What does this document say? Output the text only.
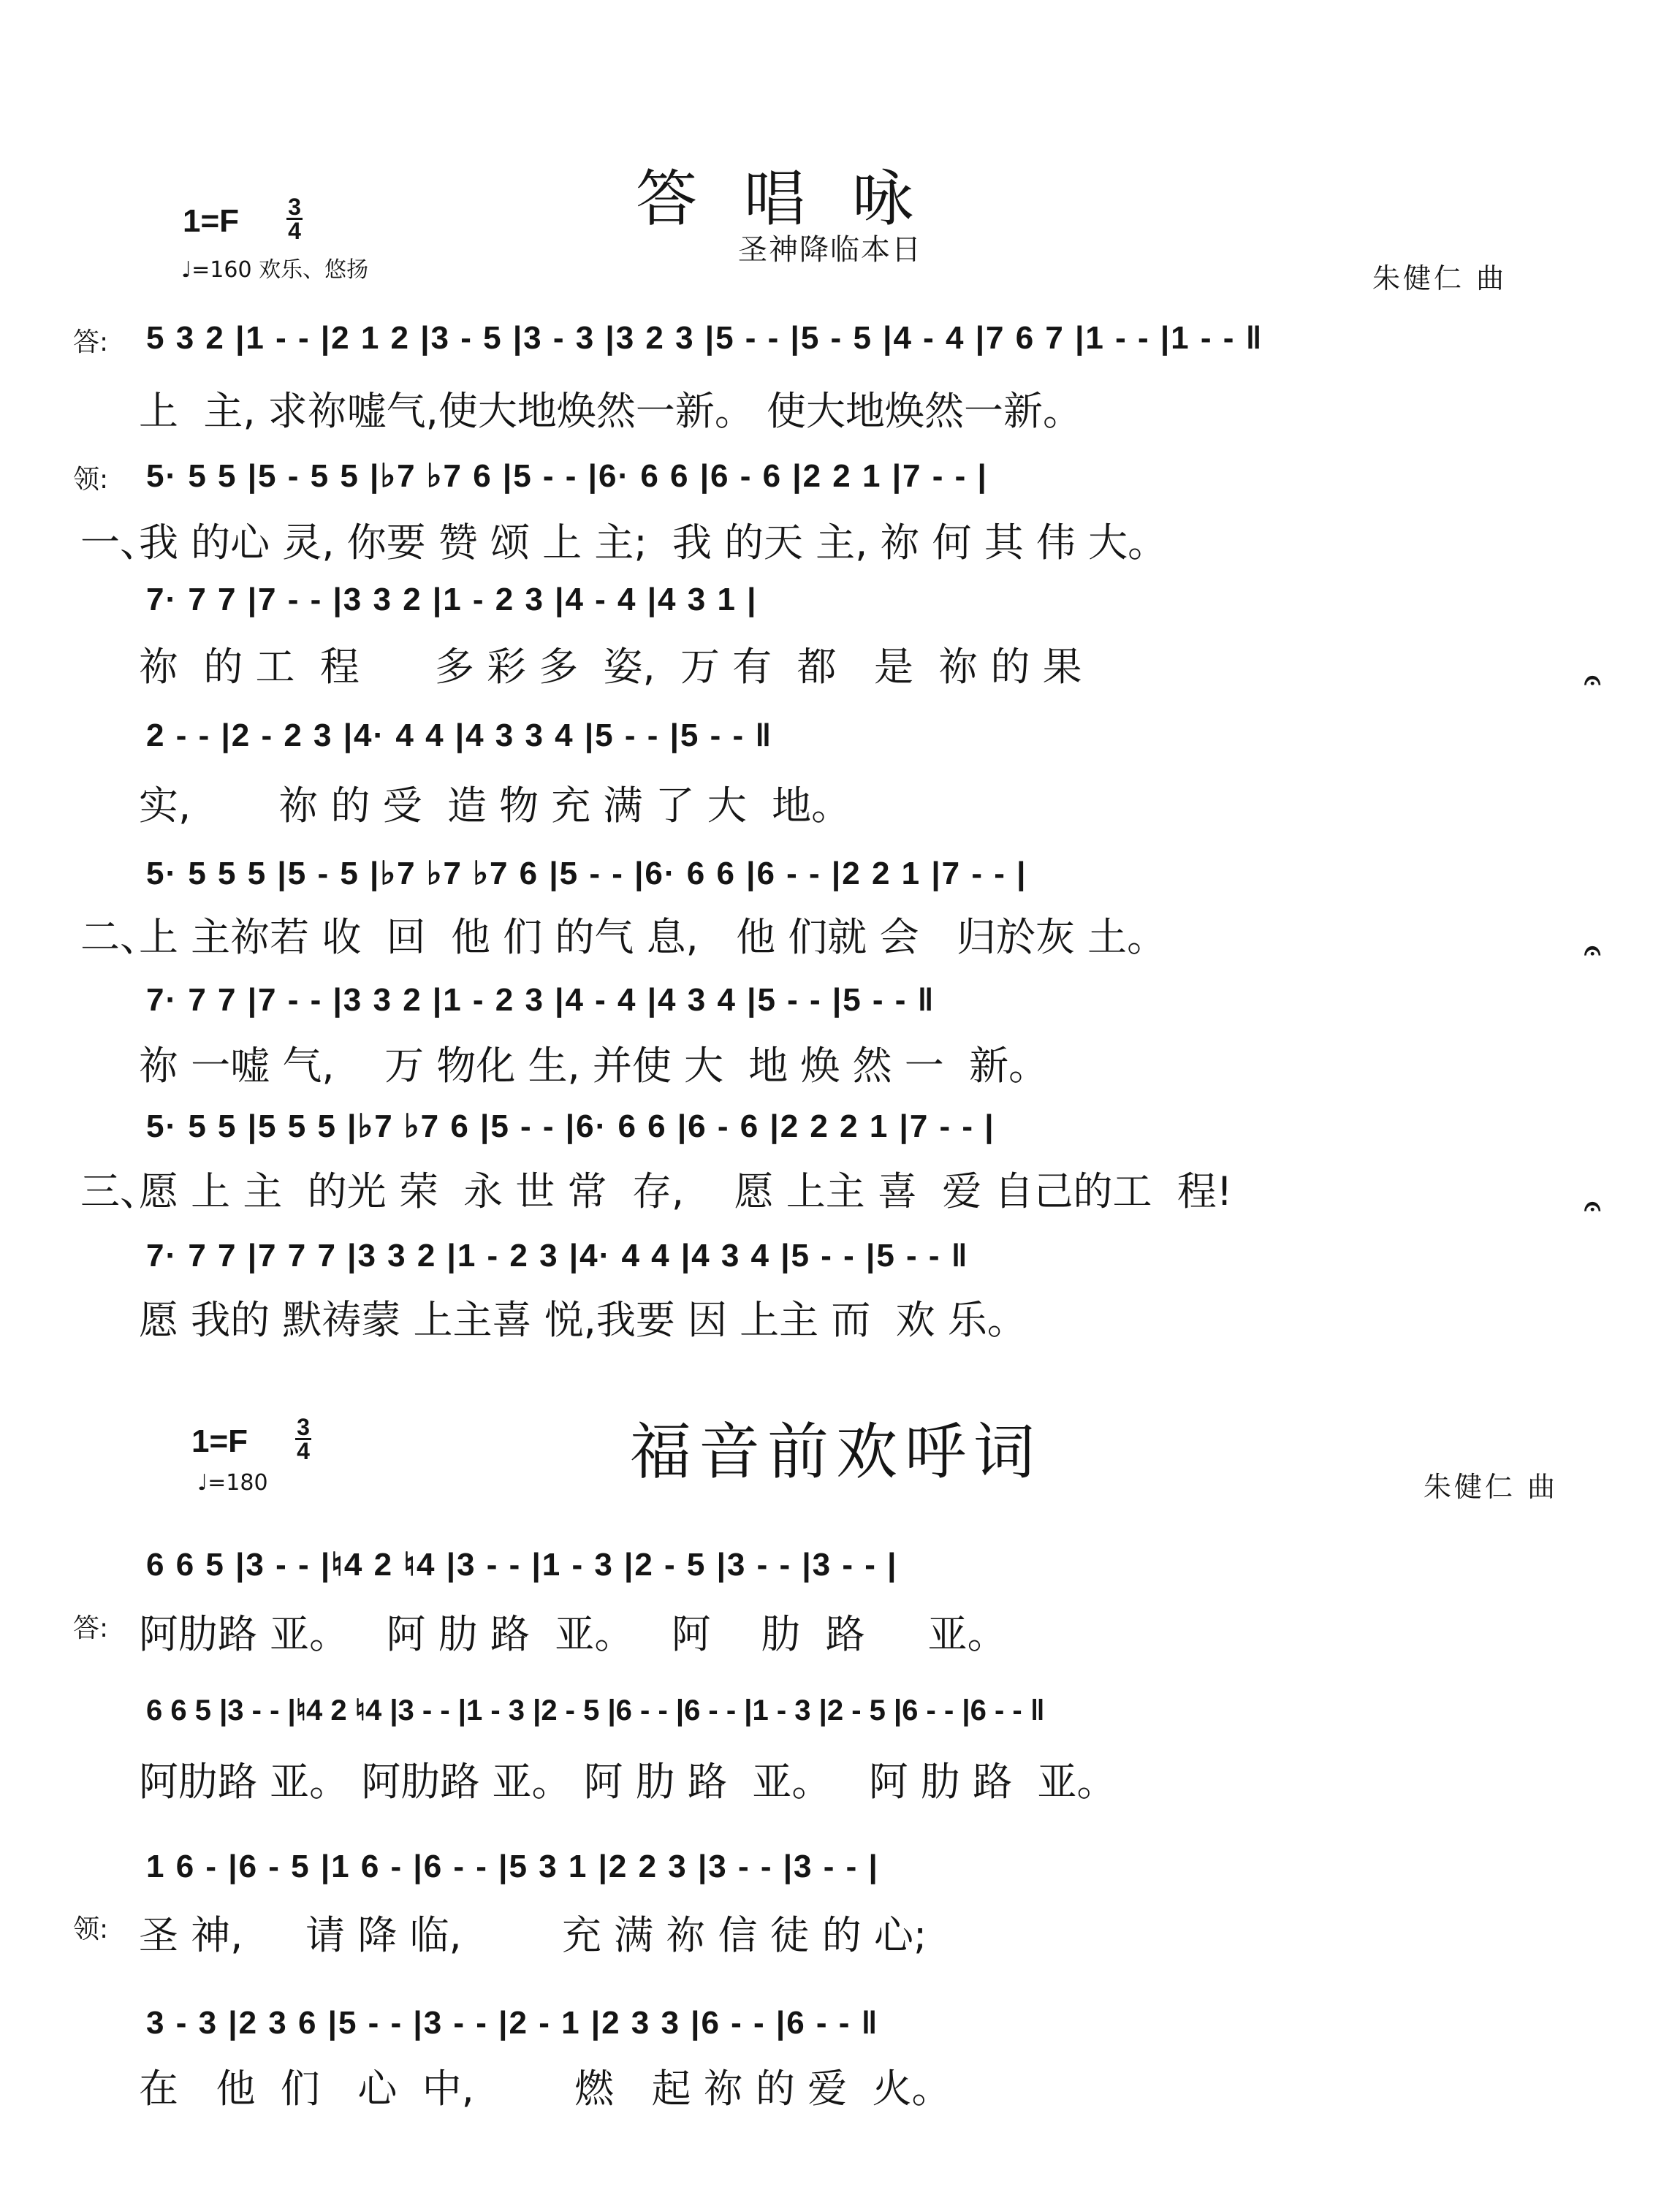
答唱咏
圣神降临本日
1=F 3
4
♩=160 欢乐、悠扬	朱健仁 曲
答: 5 3 2 |1 - - |2 1 2 |3 - 5 |3 - 3 |3 2 3 |5 - - |5 - 5 |4 - 4 |7 6 7 |1 - - |1 - - ‖
上  主, 求祢嘘气,使大地焕然一新。 使大地焕然一新。
领: 5· 5 5 |5 - 5 5 |♭7 ♭7 6 |5 - - |6· 6 6 |6 - 6 |2 2 1 |7 - - |
一、
我 的心 灵, 你要 赞 颂 上 主;  我 的天 主, 祢 何 其 伟 大。
7· 7 7 |7 - - |3 3 2 |1 - 2 3 |4 - 4 |4 3 1 |
祢  的 工  程      多 彩 多  姿,  万 有  都   是  祢 的 果	𝄐
2 - - |2 - 2 3 |4· 4 4 |4 3 3 4 |5 - - |5 - - ‖
实,       祢 的 受  造 物 充 满 了 大  地。
5· 5 5 5 |5 - 5 |♭7 ♭7 ♭7 6 |5 - - |6· 6 6 |6 - - |2 2 1 |7 - - |
二、
上 主祢若 收  回  他 们 的气 息,   他 们就 会   归於灰 土。	𝄐
7· 7 7 |7 - - |3 3 2 |1 - 2 3 |4 - 4 |4 3 4 |5 - - |5 - - ‖
祢 一嘘 气,    万 物化 生, 并使 大  地 焕 然 一  新。
5· 5 5 |5 5 5 |♭7 ♭7 6 |5 - - |6· 6 6 |6 - 6 |2 2 2 1 |7 - - |
三、
愿 上 主  的光 荣  永 世 常  存,    愿 上主 喜  爱 自己的工  程!	𝄐
7· 7 7 |7 7 7 |3 3 2 |1 - 2 3 |4· 4 4 |4 3 4 |5 - - |5 - - ‖
愿 我的 默祷蒙 上主喜 悦,我要 因 上主 而  欢 乐。
1=F 3
4
♩=180	福音前欢呼词	朱健仁 曲
6 6 5 |3 - - |♮4 2 ♮4 |3 - - |1 - 3 |2 - 5 |3 - - |3 - - |
答: 阿肋路 亚。   阿 肋 路  亚。   阿    肋  路     亚。
6 6 5 |3 - - |♮4 2 ♮4 |3 - - |1 - 3 |2 - 5 |6 - - |6 - - |1 - 3 |2 - 5 |6 - - |6 - - ‖
阿肋路 亚。 阿肋路 亚。 阿 肋 路  亚。   阿 肋 路  亚。
1 6 - |6 - 5 |1 6 - |6 - - |5 3 1 |2 2 3 |3 - - |3 - - |
领: 圣 神,     请 降 临,        充 满 祢 信 徒 的 心;
3 - 3 |2 3 6 |5 - - |3 - - |2 - 1 |2 3 3 |6 - - |6 - - ‖
在   他  们   心  中,        燃   起 祢 的 爱  火。
